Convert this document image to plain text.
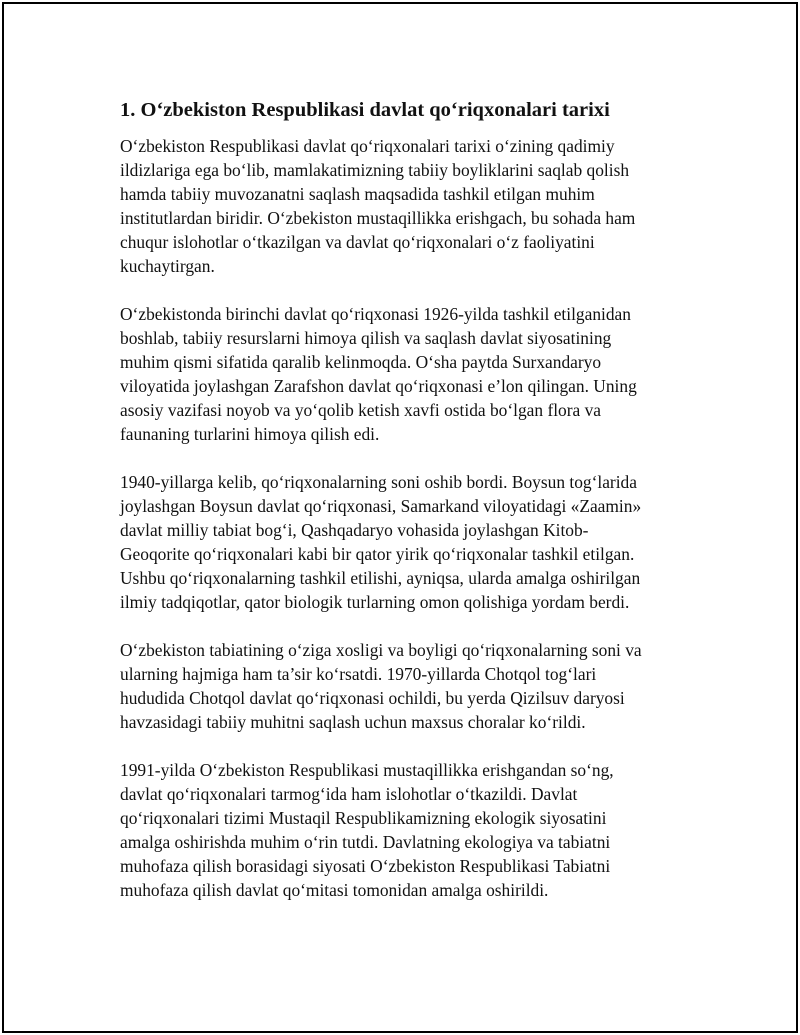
1. O‘zbekiston Respublikasi davlat qo‘riqxonalari tarixi

O‘zbekiston Respublikasi davlat qo‘riqxonalari tarixi o‘zining qadimiy
ildizlariga ega bo‘lib, mamlakatimizning tabiiy boyliklarini saqlab qolish
hamda tabiiy muvozanatni saqlash maqsadida tashkil etilgan muhim
institutlardan biridir. O‘zbekiston mustaqillikka erishgach, bu sohada ham
chuqur islohotlar o‘tkazilgan va davlat qo‘riqxonalari o‘z faoliyatini
kuchaytirgan.

O‘zbekistonda birinchi davlat qo‘riqxonasi 1926-yilda tashkil etilganidan
boshlab, tabiiy resurslarni himoya qilish va saqlash davlat siyosatining
muhim qismi sifatida qaralib kelinmoqda. O‘sha paytda Surxandaryo
viloyatida joylashgan Zarafshon davlat qo‘riqxonasi e’lon qilingan. Uning
asosiy vazifasi noyob va yo‘qolib ketish xavfi ostida bo‘lgan flora va
faunaning turlarini himoya qilish edi.

1940-yillarga kelib, qo‘riqxonalarning soni oshib bordi. Boysun tog‘larida
joylashgan Boysun davlat qo‘riqxonasi, Samarkand viloyatidagi «Zaamin»
davlat milliy tabiat bog‘i, Qashqadaryo vohasida joylashgan Kitob-
Geoqorite qo‘riqxonalari kabi bir qator yirik qo‘riqxonalar tashkil etilgan.
Ushbu qo‘riqxonalarning tashkil etilishi, ayniqsa, ularda amalga oshirilgan
ilmiy tadqiqotlar, qator biologik turlarning omon qolishiga yordam berdi.

O‘zbekiston tabiatining o‘ziga xosligi va boyligi qo‘riqxonalarning soni va
ularning hajmiga ham ta’sir ko‘rsatdi. 1970-yillarda Chotqol tog‘lari
hududida Chotqol davlat qo‘riqxonasi ochildi, bu yerda Qizilsuv daryosi
havzasidagi tabiiy muhitni saqlash uchun maxsus choralar ko‘rildi.

1991-yilda O‘zbekiston Respublikasi mustaqillikka erishgandan so‘ng,
davlat qo‘riqxonalari tarmog‘ida ham islohotlar o‘tkazildi. Davlat
qo‘riqxonalari tizimi Mustaqil Respublikamizning ekologik siyosatini
amalga oshirishda muhim o‘rin tutdi. Davlatning ekologiya va tabiatni
muhofaza qilish borasidagi siyosati O‘zbekiston Respublikasi Tabiatni
muhofaza qilish davlat qo‘mitasi tomonidan amalga oshirildi.
